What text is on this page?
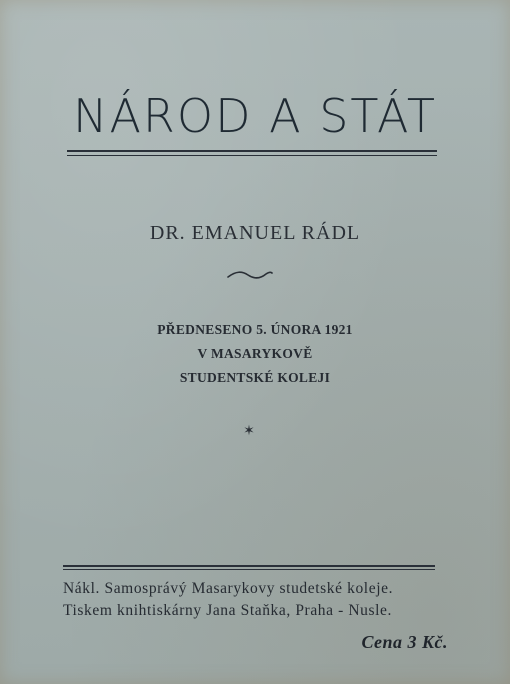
NÁROD A STÁT
DR. EMANUEL RÁDL
PŘEDNESENO 5. ÚNORA 1921
V MASARYKOVĚ
STUDENTSKÉ KOLEJI
✶
Nákl. Samosprávý Masarykovy studetské koleje.
Tiskem knihtiskárny Jana Staňka, Praha - Nusle.
Cena 3 Kč.
